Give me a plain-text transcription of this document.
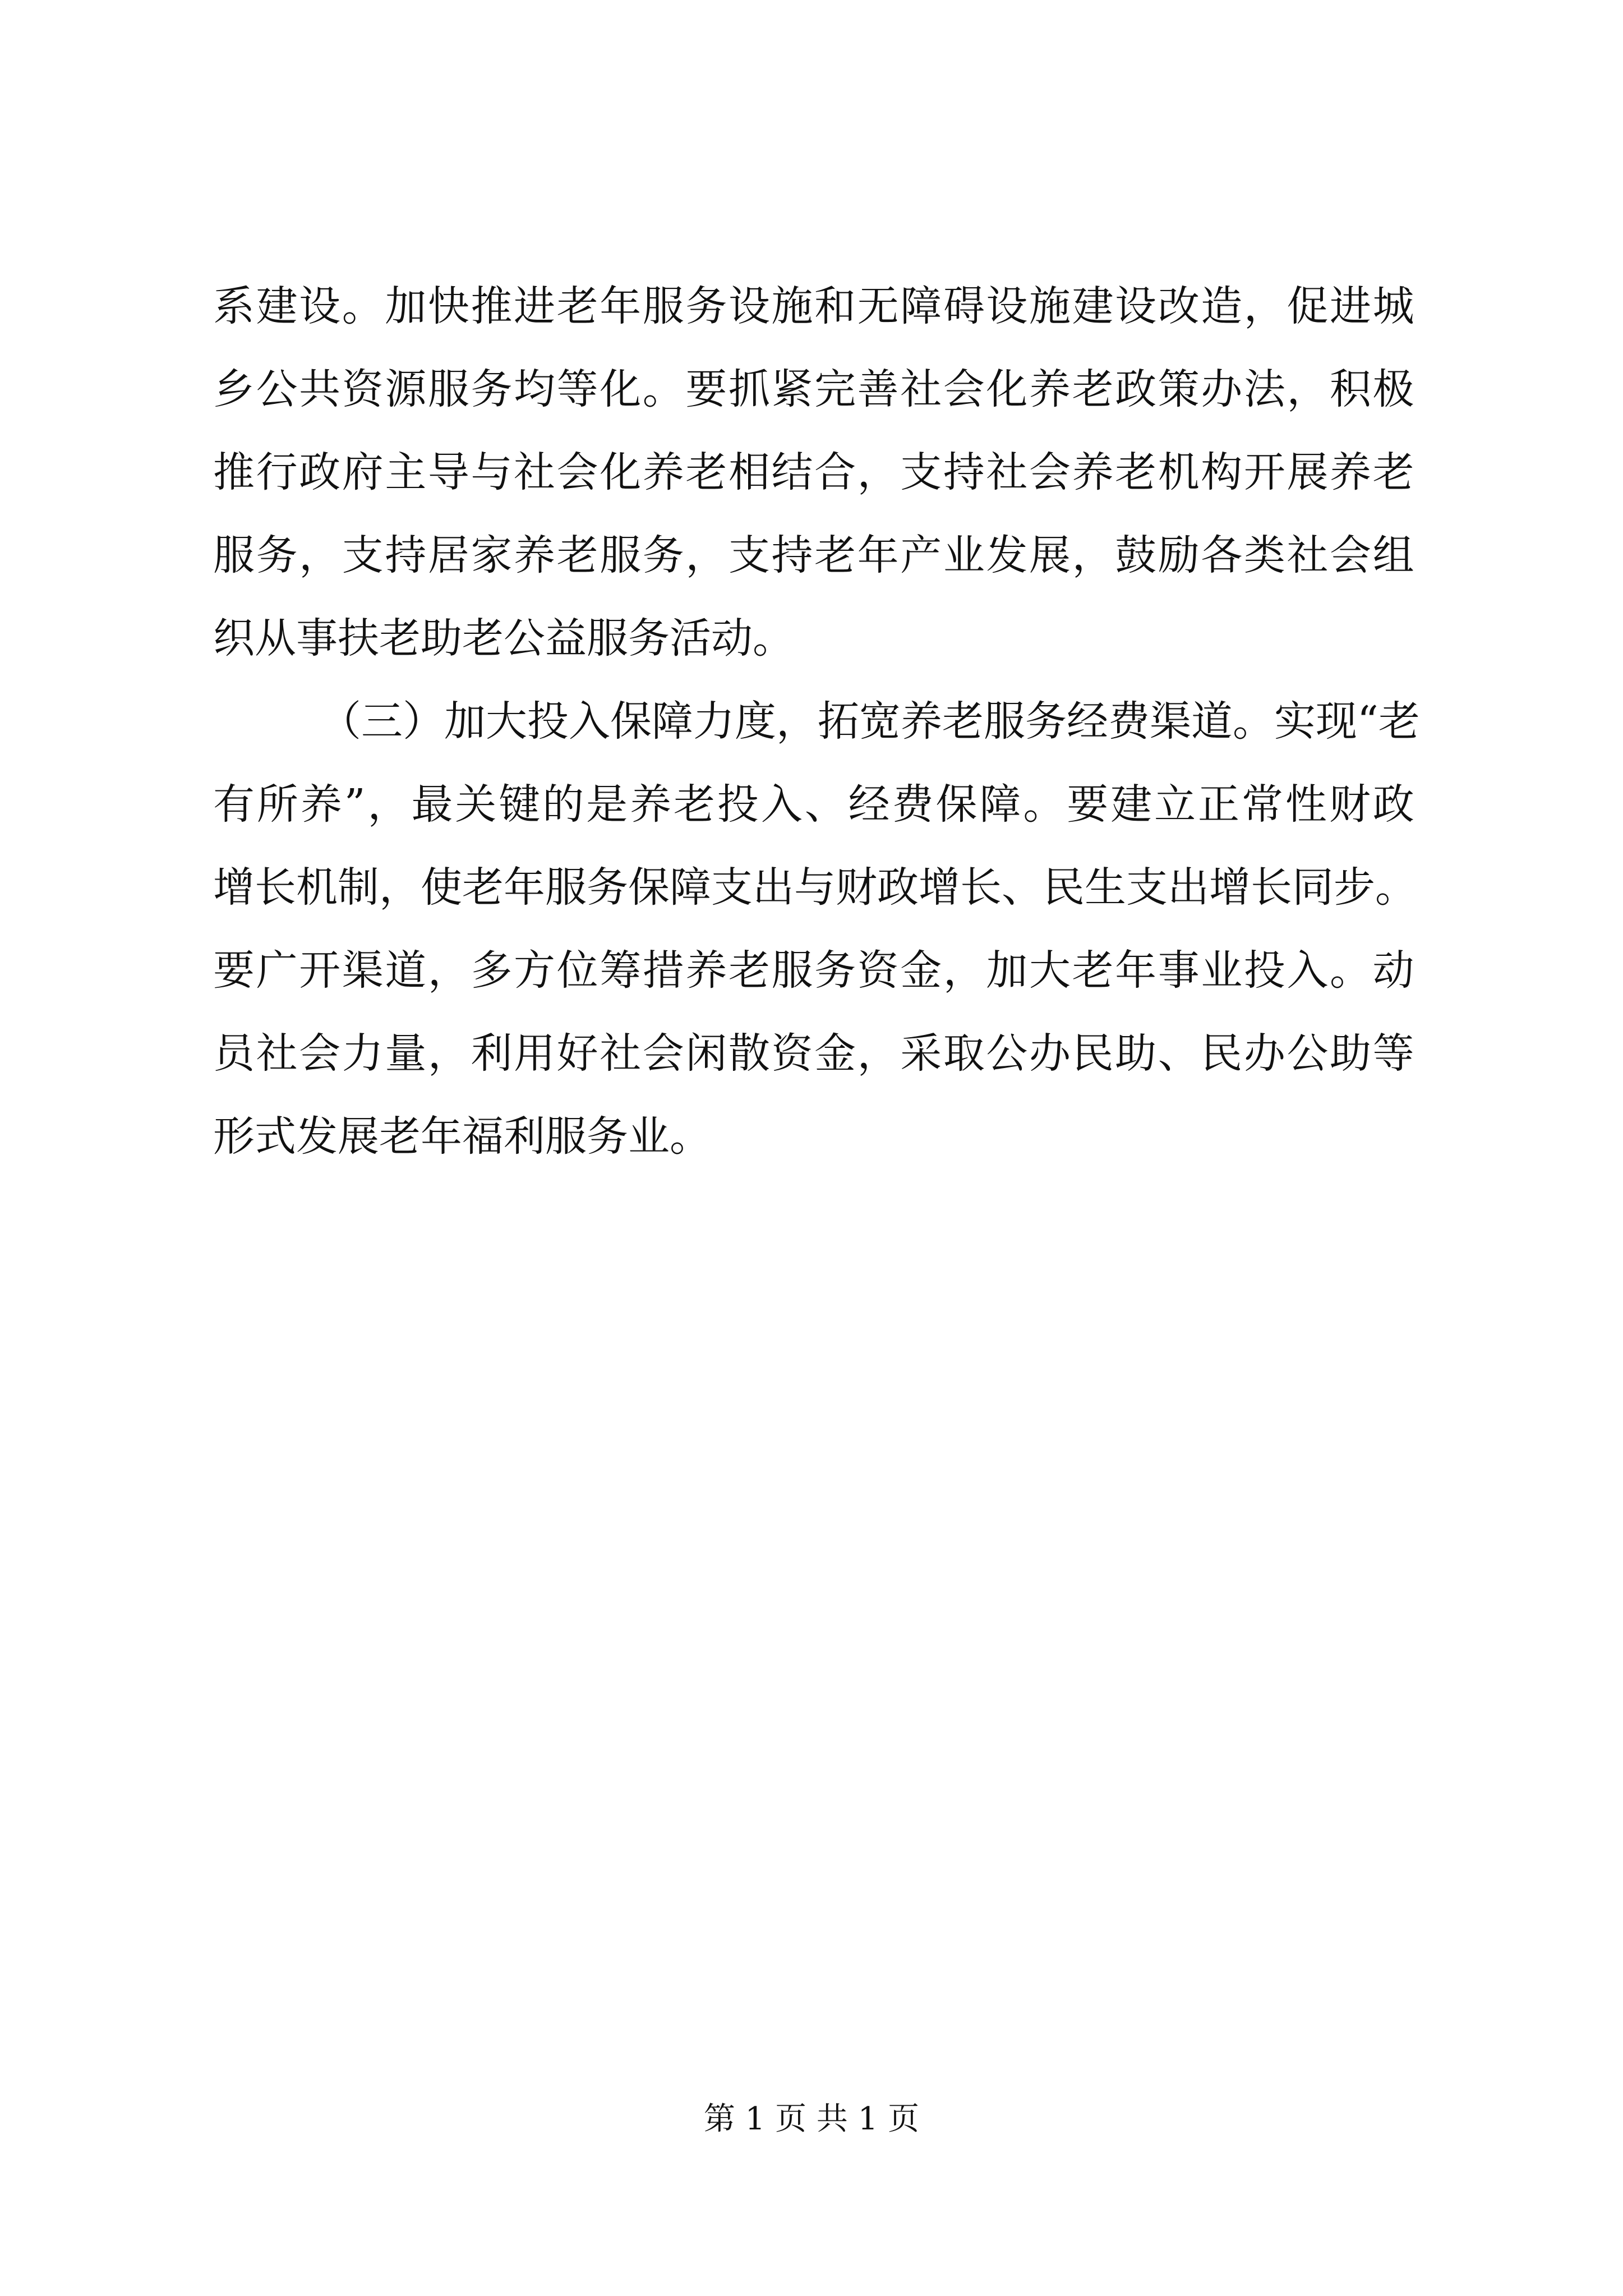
系 建 设 。 加 快 推 进 老 年 服 务 设 施 和 无 障 碍 设 施 建 设 改 造 ， 促 进 城
乡 公 共 资 源 服 务 均 等 化 。 要 抓 紧 完 善 社 会 化 养 老 政 策 办 法 ， 积 极
推 行 政 府 主 导 与 社 会 化 养 老 相 结 合 ， 支 持 社 会 养 老 机 构 开 展 养 老
服 务 ， 支 持 居 家 养 老 服 务 ， 支 持 老 年 产 业 发 展 ， 鼓 励 各 类 社 会 组
织从事扶老助老公益服务活动。
（ 三 ） 加 大 投 入 保 障 力 度 ， 拓 宽 养 老 服 务 经 费 渠 道 。 实 现 “ 老
有 所 养 ” ， 最 关 键 的 是 养 老 投 入 、 经 费 保 障 。 要 建 立 正 常 性 财 政
增 长 机 制 ， 使 老 年 服 务 保 障 支 出 与 财 政 增 长 、 民 生 支 出 增 长 同 步 。
要 广 开 渠 道 ， 多 方 位 筹 措 养 老 服 务 资 金 ， 加 大 老 年 事 业 投 入 。 动
员 社 会 力 量 ， 利 用 好 社 会 闲 散 资 金 ， 采 取 公 办 民 助 、 民 办 公 助 等
形式发展老年福利服务业。
第 1 页 共 1 页
